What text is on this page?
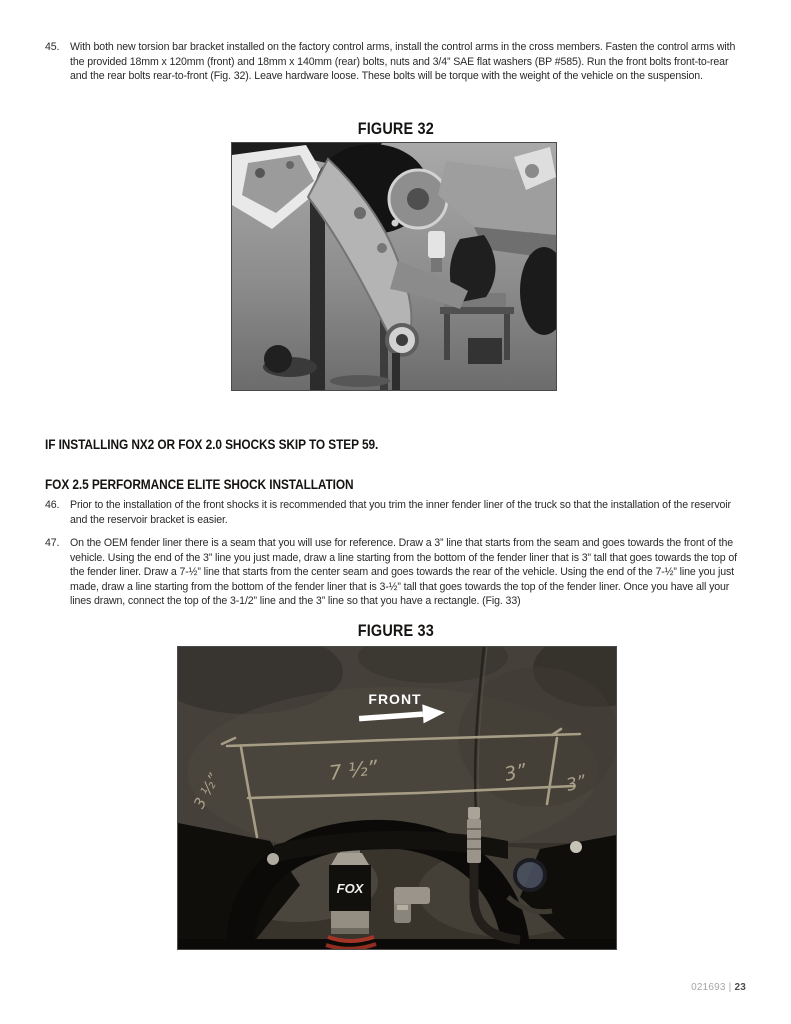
45.	With both new torsion bar bracket installed on the factory control arms, install the control arms in the cross members. Fasten the control arms with the provided 18mm x 120mm (front) and 18mm x 140mm (rear) bolts, nuts and 3/4” SAE flat washers (BP #585). Run the front bolts front-to-rear and the rear bolts rear-to-front (Fig. 32). Leave hardware loose. These bolts will be torque with the weight of the vehicle on the suspension.
FIGURE 32
IF INSTALLING NX2 OR FOX 2.0 SHOCKS SKIP TO STEP 59.
FOX 2.5 PERFORMANCE ELITE SHOCK INSTALLATION
46.	Prior to the installation of the front shocks it is recommended that you trim the inner fender liner of the truck so that the installation of the reservoir and the reservoir bracket is easier.
47.	On the OEM fender liner there is a seam that you will use for reference. Draw a 3” line that starts from the seam and goes towards the front of the vehicle. Using the end of the 3” line you just made, draw a line starting from the bottom of the fender liner that is 3” tall that goes towards the top of the fender liner. Draw a 7-½” line that starts from the center seam and goes towards the rear of the vehicle. Using the end of the 7-½” line you just made, draw a line starting from the bottom of the fender liner that is 3-½” tall that goes towards the top of the fender liner. Once you have all your lines drawn, connect the top of the 3-1/2” line and the 3” line so that you have a rectangle. (Fig. 33)
FIGURE 33
FRONT
7 ½”	3” 3”
3 ½”
FOX
021693 | 23
